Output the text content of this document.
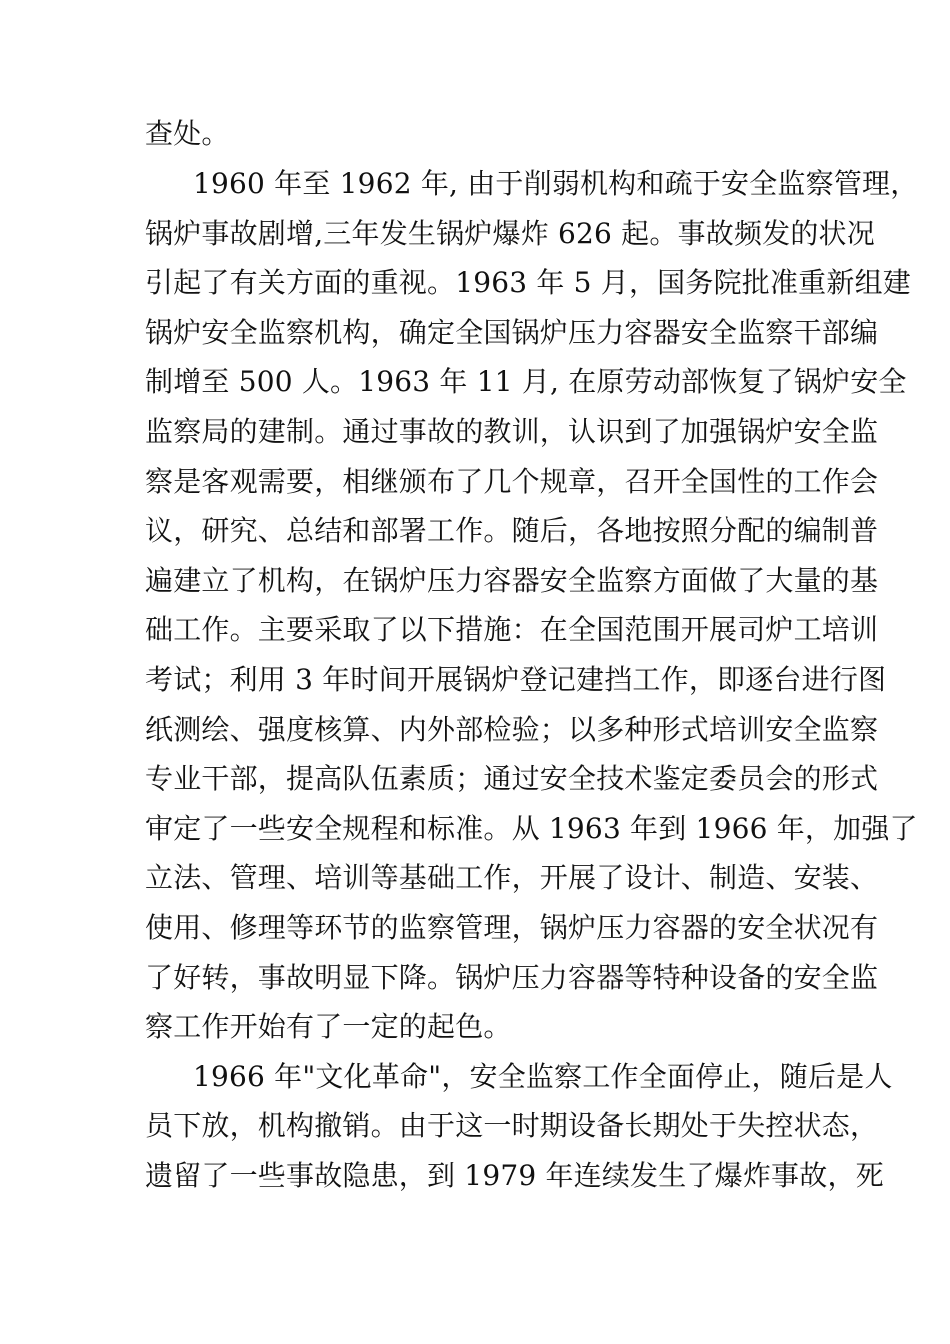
查处。
1960 年至 1962 年, 由于削弱机构和疏于安全监察管理，
锅炉事故剧增,三年发生锅炉爆炸 626 起。事故频发的状况
引起了有关方面的重视。1963 年 5 月，国务院批准重新组建
锅炉安全监察机构，确定全国锅炉压力容器安全监察干部编
制增至 500 人。1963 年 11 月, 在原劳动部恢复了锅炉安全
监察局的建制。通过事故的教训，认识到了加强锅炉安全监
察是客观需要，相继颁布了几个规章，召开全国性的工作会
议，研究、总结和部署工作。随后，各地按照分配的编制普
遍建立了机构，在锅炉压力容器安全监察方面做了大量的基
础工作。主要采取了以下措施：在全国范围开展司炉工培训
考试；利用 3 年时间开展锅炉登记建挡工作，即逐台进行图
纸测绘、强度核算、内外部检验；以多种形式培训安全监察
专业干部，提高队伍素质；通过安全技术鉴定委员会的形式
审定了一些安全规程和标准。从 1963 年到 1966 年，加强了
立法、管理、培训等基础工作，开展了设计、制造、安装、
使用、修理等环节的监察管理，锅炉压力容器的安全状况有
了好转，事故明显下降。锅炉压力容器等特种设备的安全监
察工作开始有了一定的起色。
1966 年"文化革命"，安全监察工作全面停止，随后是人
员下放，机构撤销。由于这一时期设备长期处于失控状态，
遗留了一些事故隐患，到 1979 年连续发生了爆炸事故，死
